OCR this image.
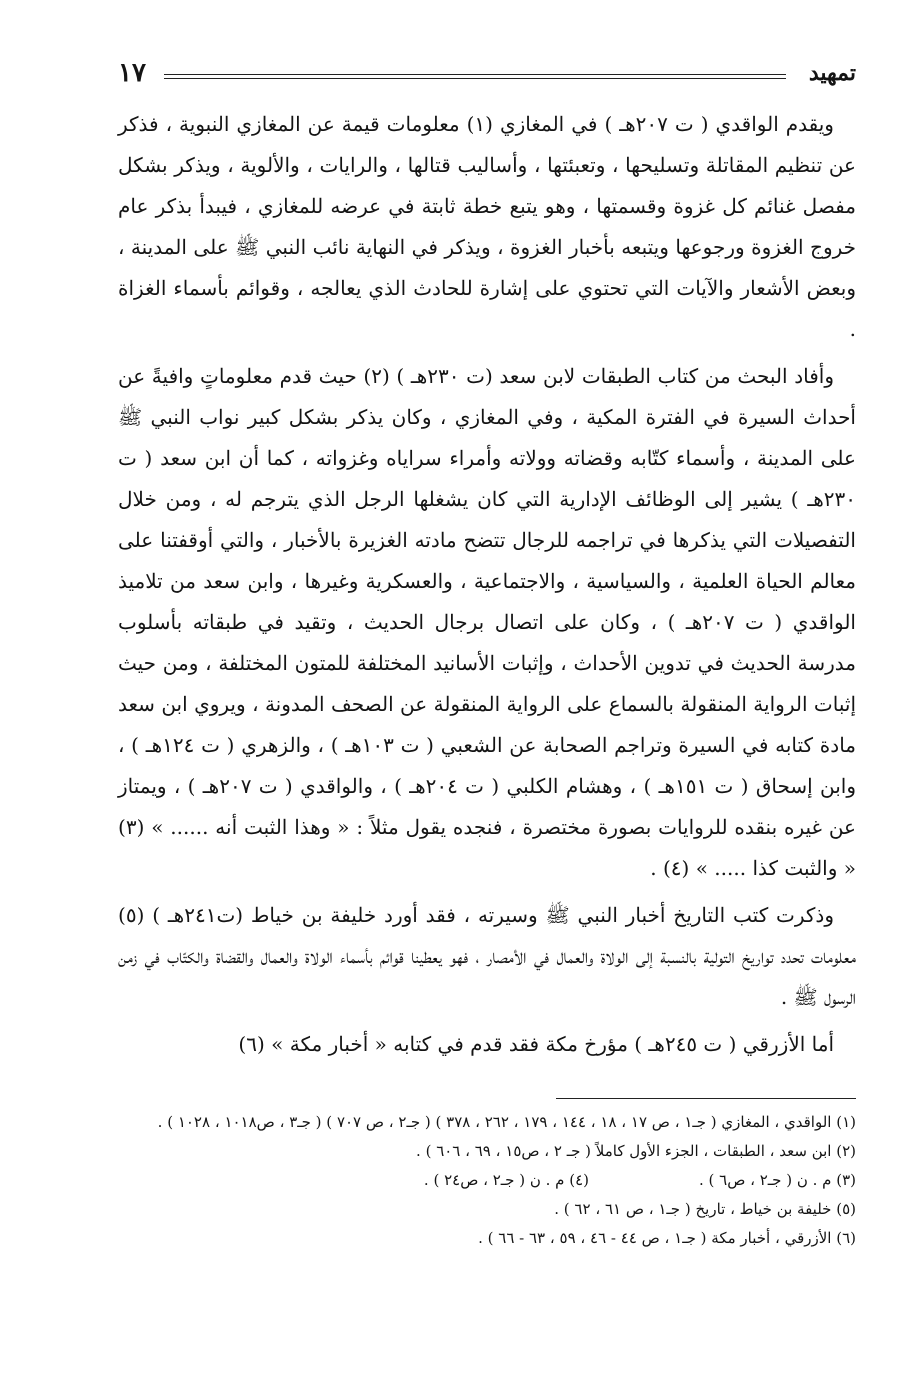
تمهيد
١٧

ويقدم الواقدي ( ت ٢٠٧هـ ) في المغازي (١) معلومات قيمة عن المغازي النبوية ، فذكر عن تنظيم المقاتلة وتسليحها ، وتعبئتها ، وأساليب قتالها ، والرايات ، والألوية ، ويذكر بشكل مفصل غنائم كل غزوة وقسمتها ، وهو يتبع خطة ثابتة في عرضه للمغازي ، فيبدأ بذكر عام خروج الغزوة ورجوعها ويتبعه بأخبار الغزوة ، ويذكر في النهاية نائب النبي ﷺ على المدينة ، وبعض الأشعار والآيات التي تحتوي على إشارة للحادث الذي يعالجه ، وقوائم بأسماء الغزاة .

وأفاد البحث من كتاب الطبقات لابن سعد (ت ٢٣٠هـ ) (٢) حيث قدم معلوماتٍ وافيةً عن أحداث السيرة في الفترة المكية ، وفي المغازي ، وكان يذكر بشكل كبير نواب النبي ﷺ على المدينة ، وأسماء كتّابه وقضاته وولاته وأمراء سراياه وغزواته ، كما أن ابن سعد ( ت ٢٣٠هـ ) يشير إلى الوظائف الإدارية التي كان يشغلها الرجل الذي يترجم له ، ومن خلال التفصيلات التي يذكرها في تراجمه للرجال تتضح مادته الغزيرة بالأخبار ، والتي أوقفتنا على معالم الحياة العلمية ، والسياسية ، والاجتماعية ، والعسكرية وغيرها ، وابن سعد من تلاميذ الواقدي ( ت ٢٠٧هـ ) ، وكان على اتصال برجال الحديث ، وتقيد في طبقاته بأسلوب مدرسة الحديث في تدوين الأحداث ، وإثبات الأسانيد المختلفة للمتون المختلفة ، ومن حيث إثبات الرواية المنقولة بالسماع على الرواية المنقولة عن الصحف المدونة ، ويروي ابن سعد مادة كتابه في السيرة وتراجم الصحابة عن الشعبي ( ت ١٠٣هـ ) ، والزهري ( ت ١٢٤هـ ) ، وابن إسحاق ( ت ١٥١هـ ) ، وهشام الكلبي ( ت ٢٠٤هـ ) ، والواقدي ( ت ٢٠٧هـ ) ، ويمتاز عن غيره بنقده للروايات بصورة مختصرة ، فنجده يقول مثلاً : « وهذا الثبت أنه ...... » (٣) « والثبت كذا ..... » (٤) .

وذكرت كتب التاريخ أخبار النبي ﷺ وسيرته ، فقد أورد خليفة بن خياط (ت٢٤١هـ ) (٥) معلومات تحدد تواريخ التولية بالنسبة إلى الولاة والعمال في الأمصار ، فهو يعطينا قوائم بأسماء الولاة والعمال والقضاة والكتّاب في زمن الرسول ﷺ .

أما الأزرقي ( ت ٢٤٥هـ ) مؤرخ مكة فقد قدم في كتابه « أخبار مكة » (٦)

(١) الواقدي ، المغازي ( جـ١ ، ص ١٧ ، ١٨ ، ١٤٤ ، ١٧٩ ، ٢٦٢ ، ٣٧٨ ) ( جـ٢ ، ص ٧٠٧ ) ( جـ٣ ، ص١٠١٨ ، ١٠٢٨ ) .

(٢) ابن سعد ، الطبقات ، الجزء الأول كاملاً ( جـ ٢ ، ص١٥ ، ٦٩ ، ٦٠٦ ) .

(٣) م . ن ( جـ٢ ، ص٦ ) .

(٤) م . ن ( جـ٢ ، ص٢٤ ) .

(٥) خليفة بن خياط ، تاريخ ( جـ١ ، ص ٦١ ، ٦٢ ) .

(٦) الأزرقي ، أخبار مكة ( جـ١ ، ص ٤٤ - ٤٦ ، ٥٩ ، ٦٣ - ٦٦ ) .
